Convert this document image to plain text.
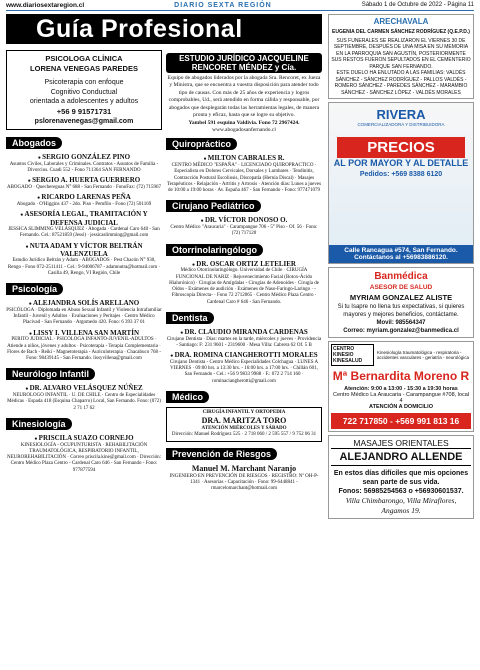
www.diariosextaregion.cl	DIARIO SEXTA REGIÓN	Sábado 1 de Octubre de 2022 - Página 11
Guía Profesional
PSICOLOGA CLÍNICA
LORENA VENEGAS PAREDES
Psicoterapia con enfoque
Cognitivo Conductual
orientada a adolescentes y adultos
+56 9 91571731
pslorenavenegas@gmail.com
Abogados
● SERGIO GONZÁLEZ PINO
Asuntos Civiles, Laborales y Criminales. Contratos - Asuntos de Familia - Divorcios. Cuadi 552 - Fono 711364 SAN FERNANDO
● SERGIO A. HUERTA GUERRERO
ABOGADO · Quechereguas N° 688 - San Fernando · FonoFax: (72) 715967
● RICARDO LARENAS PEÑA
Abogado · O'Higgins 437 - 2do. Piso - Pemfilo - Fono (72) 501169
● ASESORÍA LEGAL, TRAMITACIÓN Y DEFENSA JUDICIAL
JESSICA SLIMMING VELÁSQUEZ · Abogada · Cardenal Caro 640 - San Fernando. Cel.: 87521859 (Jessi) · jessicaslimming@gmail.com
● NUTA ADAM Y VÍCTOR BELTRÁN VALENZUELA
Estudio Jurídico Beltrán y Adam · ABOGADOS · Pest Chacón N° 930, Rengo - Fono 072-2511411 - Cel.: 9-94006787 - adamnutra@hotmail.com · Casilla 49, Rengo, VI Región, Chile
Psicología
● ALEJANDRA SOLÍS ARELLANO
PSICÓLOGA · Diplomada en Abuso Sexual Infantil y Violencia Intrafamiliar Infantil - Juvenil y Adultos · Evaluaciones y Peritajes · Centro Médico Placivad - San Fernando · Argomedo 420. Fono: 6 393 37 01
● LISSY I. VILLENA SAN MARTÍN
PERITO JUDICIAL · PSICOLOGA INFANTO-JUVENIL-ADULTOS · Atiende a niños, jóvenes y adultos · Psicoterapia - Terapia Complementaria · Flores de Bach - Reiki - Magnetoterapia - Auriculoterapia · Chacabuco 768 - Fono: 98439145 - San Fernando. lissyvillena@gmail.com
Neurólogo Infantil
● DR. ALVARO VELÁSQUEZ NÚÑEZ
NEUROLOGO INFANTIL · U. DE CHILE · Centro de Especialidades Médicas · Espada 418 (Esquina Chaparro) Local, San Fernando. Fono: (072) 2 71 17 62
Kinesiología
● PRISCILA SUAZO CORNEJO
KINESIOLOGÍA - OCUPUNTURISTA · REHABILITACIÓN TRAUMATOLÓGICA, RESPIRATORIO INFANTIL, NEUROREHABILITACIÓN · Correo priscila.kine@gmail.com · Dirección: Centro Médico Plaza Centro - Cardenal Caro 646 - San Fernando - Fono: 977877594
ESTUDIO JURÍDICO JACQUELINE RENCORET MÉNDEZ y Cía.
Equipo de abogados liderados por la abogada Sra. Rencoret, ex Jueza y Ministra, que se encuentra a vuestra disposición para atender todo tipo de causas. Con más de 25 años de experiencia y logros comprobables, Ud., será atendido en forma cálida y responsable, por abogados que desplegarán todas las herramientas legales, de manera pronta y eficaz, hasta que se logre su objetivo.
Yambel 591 esquina Valdivia. Fono 72 2967424.
www.abogadosanfernando.cl
Quiropráctico
● MILTON CABRALES R.
CENTRO MÉDICO "ESPAÑA" · LICENCIADO QUIROPRACTICO · Especialista en Dolores Cervicales, Dorsales y Lumbares · Tendinitis, Contracción Postural Escoliosis, Discopatía (Hernia Discal) · Masajes Terapéuticos - Relajación - Artritis y Artrosis · Atención días: Lunes a jueves de 10:00 a 19:00 horas · Av. España 467 - San Fernando - Fono: 977471079
Cirujano Pediátrico
● DR. VÍCTOR DONOSO O.
Centro Médico "Araucaria" · Carampangue 706 - 5° Piso - Of. 56 · Fono: (72) 717120
Otorrinolaringólogo
● DR. OSCAR ORTIZ LETELIER
Médico Otorrinolaringólogo. Universidad de Chile · CIRUGÍA FUNCIONAL DE NARIZ · Rejuvenecimiento Facial (Botox-Ácido Hialurónico) · Cirugías de Amígdalas - Cirugías de Adenoides · Cirugía de Oídos - Exámenes de audición · Exámenes de Naso-Faringo-Laringo · -Fibroscopía Directa- · Fono 72 2712065 · Centro Médico Plaza Centro · Cardenal Caro # 646 - San Fernando.
Dentista
● DR. CLAUDIO MIRANDA CARDENAS
Cirujano Dentista · Días: martes en la tarde, miércoles y jueves · Providencia - Santiago: F: 231 9601 - 2319600 · Mesa Villa: Cabrera 62 Of. 5 B
● DRA. ROMINA CIANGHEROTTI MORALES
Cirujano Dentista - Centro Médico Especialidades Colchagua · LUNES A VIERNES · 09:00 hrs. a 13:30 hrs. - 16:00 hrs. a 17:00 hrs. · Chillán 601, San Fernando - Cel.: +56 9 9833 9988 · F.: 072 2 714 160 · rominaciangherotti@gmail.com
Médico
CIRUGÍA INFANTIL Y ORTOPEDIA
DRA. MARITZA TORO
ATENCIÓN MIÉRCOLES Y SÁBADO
Dirección: Manuel Rodríguez 525 · 2 718 060 / 2 595 557 / 9 752 06 31
Prevención de Riesgos
Manuel M. Marchant Naranjo
INGENIERO EN PREVENCIÓN DE RIESGOS · REGISTRO: Nº OH-P-1341 · Asesorías - Capacitación · Fono: 99-6448841 - rmarcelomarchant@hotmail.com
ARECHAVALA
EUGENIA DEL CARMEN SÁNCHEZ RODRÍGUEZ (Q.E.P.D.)
SUS FUNERALES SE REALIZARON EL VIERNES 30 DE SEPTIEMBRE, DESPUÉS DE UNA MISA EN SU MEMORIA EN LA PARROQUIA SAN AGUSTÍN, POSTERIORMENTE SUS RESTOS FUERON SEPULTADOS EN EL CEMENTERIO PARQUE SAN FERNANDO.
ESTE DUELO HA ENLUTADO A LAS FAMILIAS: VALDÉS SÁNCHEZ - SÁNCHEZ RODRÍGUEZ - PALLOS VALDÉS - ROMERO SÁNCHEZ - PAREDES SÁNCHEZ - MARAMBIO SÁNCHEZ - SÁNCHEZ LÓPEZ - VALDÉS MORALES
RIVERA
COMERCIALIZADORA Y DISTRIBUIDORA
PRECIOS
AL POR MAYOR Y AL DETALLE
Pedidos: +569 8388 6120
Calle Rancagua #574, San Fernando.
Contáctanos al +56983886120.
Banmédica
ASESOR DE SALUD
MYRIAM GONZALEZ ALISTE
Si tu Isapre no llena tus expectativas, si quieres mayores y mejores beneficios, contáctame.
Movil: 985564347
Correo: myriam.gonzalez@banmedica.cl
CENTRO KINESIO KINESALUD
Kinesiología traumatológica - respiratoria - accidentes vasculares - geriatría - neurológica
Mª Bernardita Moreno R
Atención: 9:00 a 13:00 - 15:30 a 19:30 horas
Centro Médico La Araucaria - Carampangue #708, local 4
ATENCIÓN A DOMICILIO
722 717850 - +569 991 813 16
MASAJES ORIENTALES
ALEJANDRO ALLENDE
En estos días difíciles que mis opciones sean parte de sus vida.
Fonos: 56985254563 o +56930601537.
Villa Chimbarongo, Villa Miraflores, Angamos 19.
